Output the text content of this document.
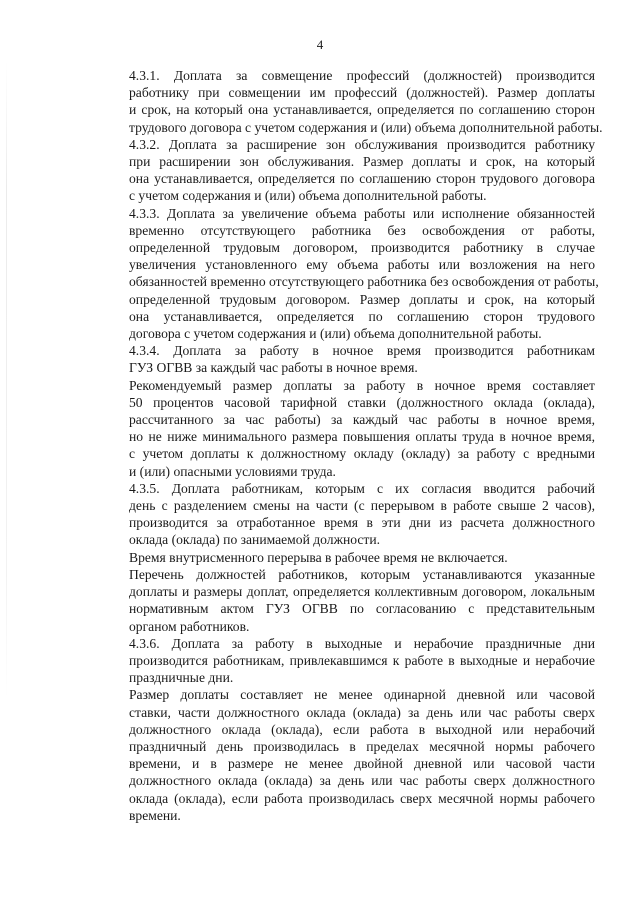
4

4.3.1. Доплата за совмещение профессий (должностей) производится
работнику при совмещении им профессий (должностей). Размер доплаты
и срок, на который она устанавливается, определяется по соглашению сторон
трудового договора с учетом содержания и (или) объема дополнительной работы.

4.3.2. Доплата за расширение зон обслуживания производится работнику
при расширении зон обслуживания. Размер доплаты и срок, на который
она устанавливается, определяется по соглашению сторон трудового договора
с учетом содержания и (или) объема дополнительной работы.

4.3.3. Доплата за увеличение объема работы или исполнение обязанностей
временно отсутствующего работника без освобождения от работы,
определенной трудовым договором, производится работнику в случае
увеличения установленного ему объема работы или возложения на него
обязанностей временно отсутствующего работника без освобождения от работы,
определенной трудовым договором. Размер доплаты и срок, на который
она устанавливается, определяется по соглашению сторон трудового
договора с учетом содержания и (или) объема дополнительной работы.

4.3.4. Доплата за работу в ночное время производится работникам
ГУЗ ОГВВ за каждый час работы в ночное время.

Рекомендуемый размер доплаты за работу в ночное время составляет
50 процентов часовой тарифной ставки (должностного оклада (оклада),
рассчитанного за час работы) за каждый час работы в ночное время,
но не ниже минимального размера повышения оплаты труда в ночное время,
с учетом доплаты к должностному окладу (окладу) за работу с вредными
и (или) опасными условиями труда.

4.3.5. Доплата работникам, которым с их согласия вводится рабочий
день с разделением смены на части (с перерывом в работе свыше 2 часов),
производится за отработанное время в эти дни из расчета должностного
оклада (оклада) по занимаемой должности.

Время внутрисменного перерыва в рабочее время не включается.

Перечень должностей работников, которым устанавливаются указанные
доплаты и размеры доплат, определяется коллективным договором, локальным
нормативным актом ГУЗ ОГВВ по согласованию с представительным
органом работников.

4.3.6. Доплата за работу в выходные и нерабочие праздничные дни
производится работникам, привлекавшимся к работе в выходные и нерабочие
праздничные дни.

Размер доплаты составляет не менее одинарной дневной или часовой
ставки, части должностного оклада (оклада) за день или час работы сверх
должностного оклада (оклада), если работа в выходной или нерабочий
праздничный день производилась в пределах месячной нормы рабочего
времени, и в размере не менее двойной дневной или часовой части
должностного оклада (оклада) за день или час работы сверх должностного
оклада (оклада), если работа производилась сверх месячной нормы рабочего
времени.
